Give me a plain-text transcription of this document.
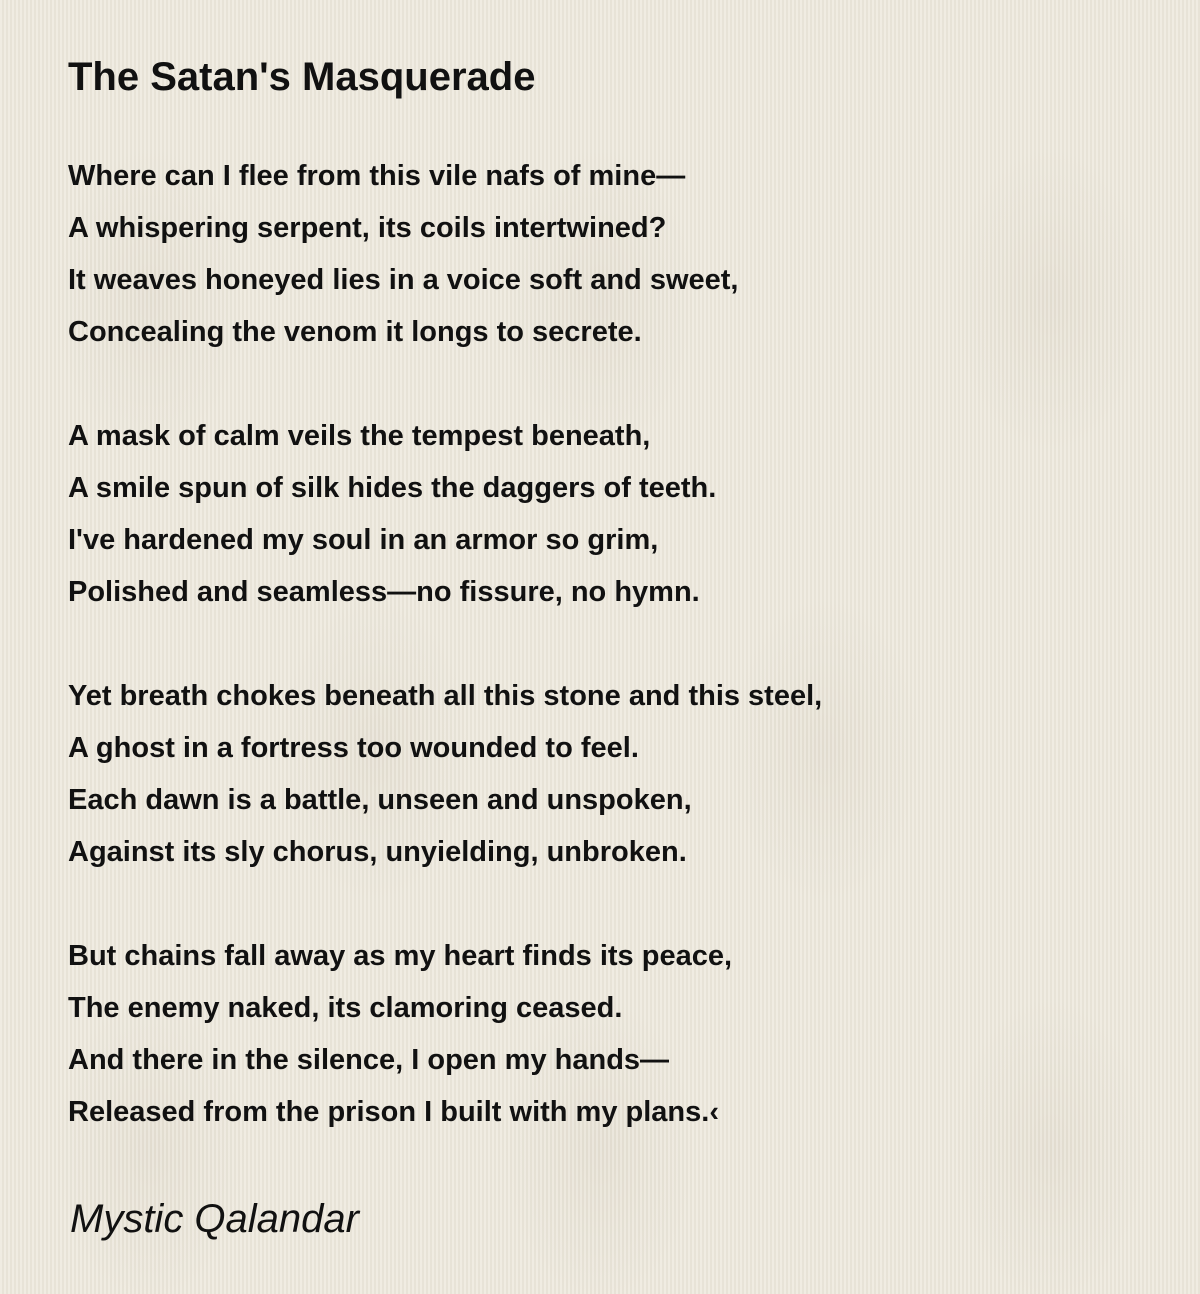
The Satan's Masquerade
Where can I flee from this vile nafs of mine—
A whispering serpent, its coils intertwined?
It weaves honeyed lies in a voice soft and sweet,
Concealing the venom it longs to secrete.
A mask of calm veils the tempest beneath,
A smile spun of silk hides the daggers of teeth.
I've hardened my soul in an armor so grim,
Polished and seamless—no fissure, no hymn.
Yet breath chokes beneath all this stone and this steel,
A ghost in a fortress too wounded to feel.
Each dawn is a battle, unseen and unspoken,
Against its sly chorus, unyielding, unbroken.
But chains fall away as my heart finds its peace,
The enemy naked, its clamoring ceased.
And there in the silence, I open my hands—
Released from the prison I built with my plans.‹
Mystic Qalandar
